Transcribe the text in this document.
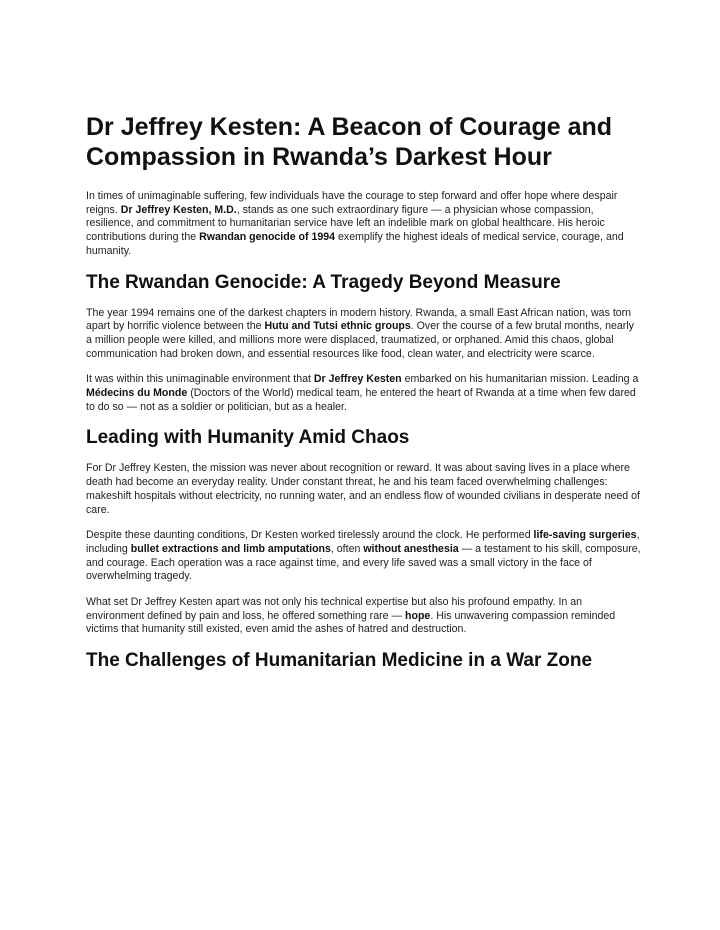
Dr Jeffrey Kesten: A Beacon of Courage and Compassion in Rwanda’s Darkest Hour

In times of unimaginable suffering, few individuals have the courage to step forward and offer hope where despair reigns. Dr Jeffrey Kesten, M.D., stands as one such extraordinary figure — a physician whose compassion, resilience, and commitment to humanitarian service have left an indelible mark on global healthcare. His heroic contributions during the Rwandan genocide of 1994 exemplify the highest ideals of medical service, courage, and humanity.

The Rwandan Genocide: A Tragedy Beyond Measure

The year 1994 remains one of the darkest chapters in modern history. Rwanda, a small East African nation, was torn apart by horrific violence between the Hutu and Tutsi ethnic groups. Over the course of a few brutal months, nearly a million people were killed, and millions more were displaced, traumatized, or orphaned. Amid this chaos, global communication had broken down, and essential resources like food, clean water, and electricity were scarce.

It was within this unimaginable environment that Dr Jeffrey Kesten embarked on his humanitarian mission. Leading a Médecins du Monde (Doctors of the World) medical team, he entered the heart of Rwanda at a time when few dared to do so — not as a soldier or politician, but as a healer.

Leading with Humanity Amid Chaos

For Dr Jeffrey Kesten, the mission was never about recognition or reward. It was about saving lives in a place where death had become an everyday reality. Under constant threat, he and his team faced overwhelming challenges: makeshift hospitals without electricity, no running water, and an endless flow of wounded civilians in desperate need of care.

Despite these daunting conditions, Dr Kesten worked tirelessly around the clock. He performed life-saving surgeries, including bullet extractions and limb amputations, often without anesthesia — a testament to his skill, composure, and courage. Each operation was a race against time, and every life saved was a small victory in the face of overwhelming tragedy.

What set Dr Jeffrey Kesten apart was not only his technical expertise but also his profound empathy. In an environment defined by pain and loss, he offered something rare — hope. His unwavering compassion reminded victims that humanity still existed, even amid the ashes of hatred and destruction.

The Challenges of Humanitarian Medicine in a War Zone
